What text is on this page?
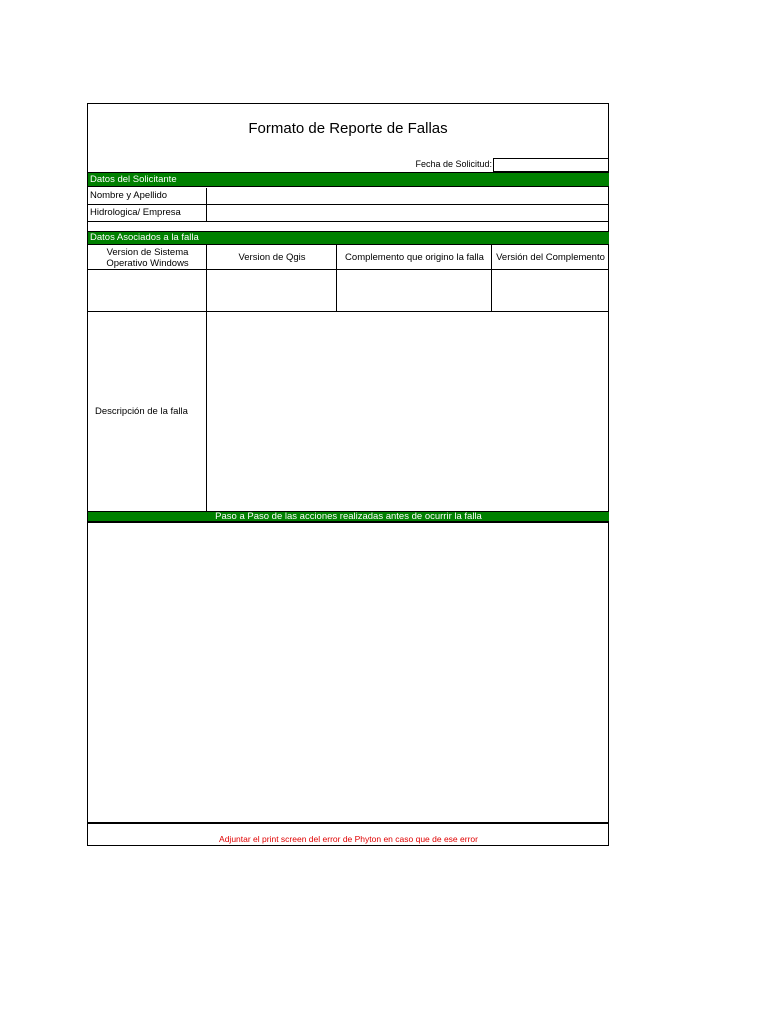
Formato de Reporte de Fallas
Fecha de Solicitud:
Datos del Solicitante
Nombre y Apellido
Hidrologica/ Empresa
Datos Asociados a la falla
Version de Sistema Operativo Windows	Version de Qgis	Complemento que origino la falla	Versión del Complemento
Descripción de la falla
Paso a Paso de las acciones realizadas antes de ocurrir la falla
Adjuntar el print screen del error de Phyton en caso que de ese error
